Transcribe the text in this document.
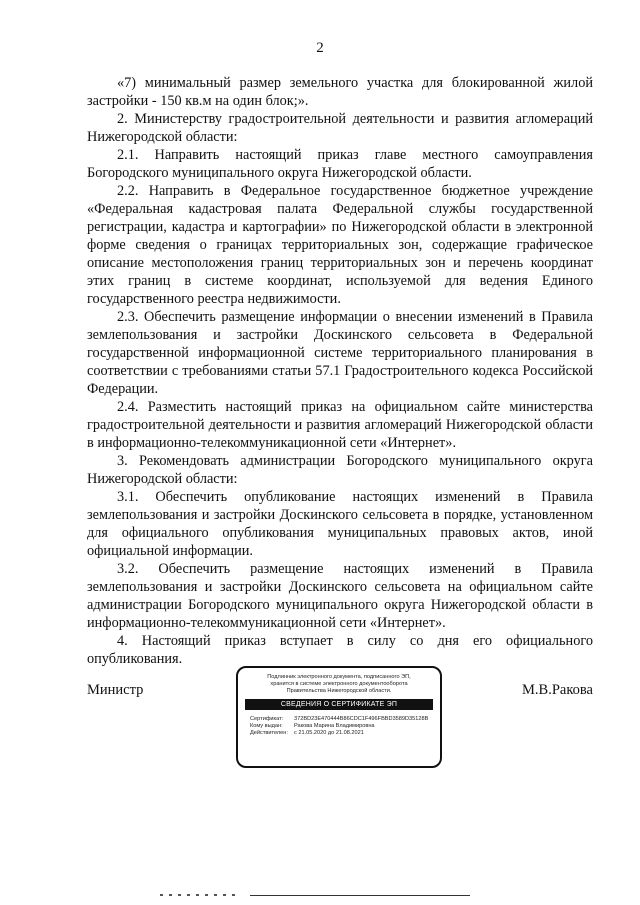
2

«7) минимальный размер земельного участка для блокированной жилой застройки - 150 кв.м на один блок;».

2. Министерству градостроительной деятельности и развития агломераций Нижегородской области:

2.1. Направить настоящий приказ главе местного самоуправления Богородского муниципального округа Нижегородской области.

2.2. Направить в Федеральное государственное бюджетное учреждение «Федеральная кадастровая палата Федеральной службы государственной регистрации, кадастра и картографии» по Нижегородской области в электронной форме сведения о границах территориальных зон, содержащие графическое описание местоположения границ территориальных зон и перечень координат этих границ в системе координат, используемой для ведения Единого государственного реестра недвижимости.

2.3. Обеспечить размещение информации о внесении изменений в Правила землепользования и застройки Доскинского сельсовета в Федеральной государственной информационной системе территориального планирования в соответствии с требованиями статьи 57.1 Градостроительного кодекса Российской Федерации.

2.4. Разместить настоящий приказ на официальном сайте министерства градостроительной деятельности и развития агломераций Нижегородской области в информационно-телекоммуникационной сети «Интернет».

3. Рекомендовать администрации Богородского муниципального округа Нижегородской области:

3.1. Обеспечить опубликование настоящих изменений в Правила землепользования и застройки Доскинского сельсовета в порядке, установленном для официального опубликования муниципальных правовых актов, иной официальной информации.

3.2. Обеспечить размещение настоящих изменений в Правила землепользования и застройки Доскинского сельсовета на официальном сайте администрации Богородского муниципального округа Нижегородской области в информационно-телекоммуникационной сети «Интернет».

4. Настоящий приказ вступает в силу со дня его официального опубликования.

Министр
Подлинник электронного документа, подписанного ЭП,
хранится в системе электронного документооборота
Правительства Нижегородской области.
СВЕДЕНИЯ О СЕРТИФИКАТЕ ЭП
Сертификат: 372BD23E470444B86CDC1F496FBBD3589D35128B
Кому выдан: Ракова Марина Владимировна
Действителен: с 21.05.2020 до 21.08.2021
М.В.Ракова
